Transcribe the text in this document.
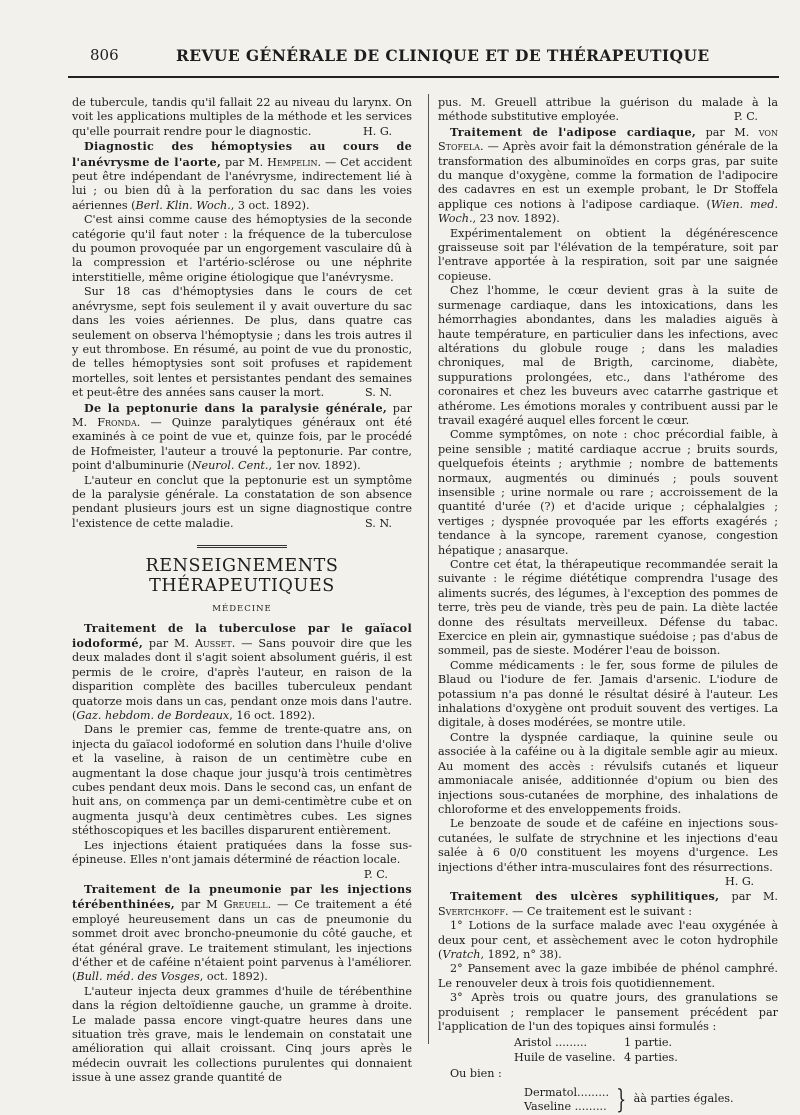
806	REVUE GÉNÉRALE DE CLINIQUE ET DE THÉRAPEUTIQUE

de tubercule, tandis qu'il fallait 22 au niveau du larynx. On voit les applications multiples de la méthode et les services qu'elle pourrait rendre pour le diagnostic.	H. G.

Diagnostic des hémoptysies au cours de l'anévrysme de l'aorte, par M. Hempelin. — Cet accident peut être indépendant de l'anévrysme, indirectement lié à lui ; ou bien dû à la perforation du sac dans les voies aériennes (Berl. Klin. Woch., 3 oct. 1892).

C'est ainsi comme cause des hémoptysies de la seconde catégorie qu'il faut noter : la fréquence de la tuberculose du poumon provoquée par un engorgement vasculaire dû à la compression et l'artério-sclérose ou une néphrite interstitielle, même origine étiologique que l'anévrysme.

Sur 18 cas d'hémoptysies dans le cours de cet anévrysme, sept fois seulement il y avait ouverture du sac dans les voies aériennes. De plus, dans quatre cas seulement on observa l'hémoptysie ; dans les trois autres il y eut thrombose. En résumé, au point de vue du pronostic, de telles hémoptysies sont soit profuses et rapidement mortelles, soit lentes et persistantes pendant des semaines et peut-être des années sans causer la mort.	S. N.

De la peptonurie dans la paralysie générale, par M. Fronda. — Quinze paralytiques généraux ont été examinés à ce point de vue et, quinze fois, par le procédé de Hofmeister, l'auteur a trouvé la peptonurie. Par contre, point d'albuminurie (Neurol. Cent., 1er nov. 1892).

L'auteur en conclut que la peptonurie est un symptôme de la paralysie générale. La constatation de son absence pendant plusieurs jours est un signe diagnostique contre l'existence de cette maladie.	S. N.

RENSEIGNEMENTS THÉRAPEUTIQUES
MÉDECINE

Traitement de la tuberculose par le gaïacol iodoformé, par M. Ausset. — Sans pouvoir dire que les deux malades dont il s'agit soient absolument guéris, il est permis de le croire, d'après l'auteur, en raison de la disparition complète des bacilles tuberculeux pendant quatorze mois dans un cas, pendant onze mois dans l'autre. (Gaz. hebdom. de Bordeaux, 16 oct. 1892).

Dans le premier cas, femme de trente-quatre ans, on injecta du gaïacol iodoformé en solution dans l'huile d'olive et la vaseline, à raison de un centimètre cube en augmentant la dose chaque jour jusqu'à trois centimètres cubes pendant deux mois. Dans le second cas, un enfant de huit ans, on commença par un demi-centimètre cube et on augmenta jusqu'à deux centimètres cubes. Les signes stéthoscopiques et les bacilles disparurent entièrement.

Les injections étaient pratiquées dans la fosse sus-épineuse. Elles n'ont jamais déterminé de réaction locale.

P. C.

Traitement de la pneumonie par les injections térébenthinées, par M Greuell. — Ce traitement a été employé heureusement dans un cas de pneumonie du sommet droit avec broncho-pneumonie du côté gauche, et état général grave. Le traitement stimulant, les injections d'éther et de caféine n'étaient point parvenus à l'améliorer. (Bull. méd. des Vosges, oct. 1892).

L'auteur injecta deux grammes d'huile de térébenthine dans la région deltoïdienne gauche, un gramme à droite. Le malade passa encore vingt-quatre heures dans une situation très grave, mais le lendemain on constatait une amélioration qui allait croissant. Cinq jours après le médecin ouvrait les collections purulentes qui donnaient issue à une assez grande quantité de

pus. M. Greuell attribue la guérison du malade à la méthode substitutive employée.	P. C.

Traitement de l'adipose cardiaque, par M. von Stofela. — Après avoir fait la démonstration générale de la transformation des albuminoïdes en corps gras, par suite du manque d'oxygène, comme la formation de l'adipocire des cadavres en est un exemple probant, le Dr Stoffela applique ces notions à l'adipose cardiaque. (Wien. med. Woch., 23 nov. 1892).

Expérimentalement on obtient la dégénérescence graisseuse soit par l'élévation de la température, soit par l'entrave apportée à la respiration, soit par une saignée copieuse.

Chez l'homme, le cœur devient gras à la suite de surmenage cardiaque, dans les intoxications, dans les hémorrhagies abondantes, dans les maladies aiguës à haute température, en particulier dans les infections, avec altérations du globule rouge ; dans les maladies chroniques, mal de Brigth, carcinome, diabète, suppurations prolongées, etc., dans l'athérome des coronaires et chez les buveurs avec catarrhe gastrique et athérome. Les émotions morales y contribuent aussi par le travail exagéré auquel elles forcent le cœur.

Comme symptômes, on note : choc précordial faible, à peine sensible ; matité cardiaque accrue ; bruits sourds, quelquefois éteints ; arythmie ; nombre de battements normaux, augmentés ou diminués ; pouls souvent insensible ; urine normale ou rare ; accroissement de la quantité d'urée (?) et d'acide urique ; céphalalgies ; vertiges ; dyspnée provoquée par les efforts exagérés ; tendance à la syncope, rarement cyanose, congestion hépatique ; anasarque.

Contre cet état, la thérapeutique recommandée serait la suivante : le régime diététique comprendra l'usage des aliments sucrés, des légumes, à l'exception des pommes de terre, très peu de viande, très peu de pain. La diète lactée donne des résultats merveilleux. Défense du tabac. Exercice en plein air, gymnastique suédoise ; pas d'abus de sommeil, pas de sieste. Modérer l'eau de boisson.

Comme médicaments : le fer, sous forme de pilules de Blaud ou l'iodure de fer. Jamais d'arsenic. L'iodure de potassium n'a pas donné le résultat désiré à l'auteur. Les inhalations d'oxygène ont produit souvent des vertiges. La digitale, à doses modérées, se montre utile.

Contre la dyspnée cardiaque, la quinine seule ou associée à la caféine ou à la digitale semble agir au mieux. Au moment des accès : révulsifs cutanés et liqueur ammoniacale anisée, additionnée d'opium ou bien des injections sous-cutanées de morphine, des inhalations de chloroforme et des enveloppements froids.

Le benzoate de soude et de caféine en injections sous-cutanées, le sulfate de strychnine et les injections d'eau salée à 6 0/0 constituent les moyens d'urgence. Les injections d'éther intra-musculaires font des résurrections.

H. G.

Traitement des ulcères syphilitiques, par M. Svertchkoff. — Ce traitement est le suivant :

1° Lotions de la surface malade avec l'eau oxygénée à deux pour cent, et assèchement avec le coton hydrophile (Vratch, 1892, n° 38).

2° Pansement avec la gaze imbibée de phénol camphré. Le renouveler deux à trois fois quotidiennement.

3° Après trois ou quatre jours, des granulations se produisent ; remplacer le pansement précédent par l'application de l'un des topiques ainsi formulés :

Aristol .........	1 partie.
Huile de vaseline. 4 parties.

Ou bien :

Dermatol.........
Vaseline ......... } àà parties égales.
